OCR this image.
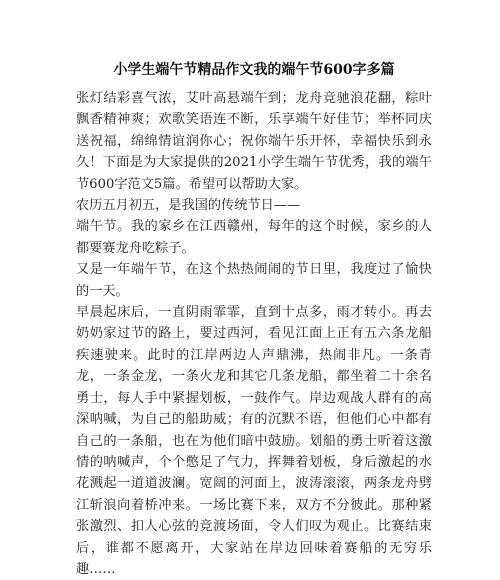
小学生端午节精品作文我的端午节600字多篇

张灯结彩喜气浓，艾叶高悬端午到；龙舟竞驰浪花翻，粽叶飘香精神爽；欢歌笑语连不断，乐享端午好佳节；举杯同庆送祝福，绵绵情谊润你心；祝你端午乐开怀，幸福快乐到永久！下面是为大家提供的2021小学生端午节优秀，我的端午节600字范文5篇。希望可以帮助大家。

农历五月初五，是我国的传统节日——

端午节。我的家乡在江西赣州，每年的这个时候，家乡的人都要赛龙舟吃粽子。

又是一年端午节，在这个热热闹闹的节日里，我度过了愉快的一天。

早晨起床后，一直阴雨霏霏，直到十点多，雨才转小。再去奶奶家过节的路上，要过西河，看见江面上正有五六条龙船疾速驶来。此时的江岸两边人声鼎沸，热闹非凡。一条青龙，一条金龙，一条火龙和其它几条龙船，都坐着二十余名勇士，每人手中紧握划板，一鼓作气。岸边观战人群有的高深呐喊，为自己的船助威；有的沉默不语，但他们心中都有自己的一条船，也在为他们暗中鼓励。划船的勇士听着这激情的呐喊声，个个憋足了气力，挥舞着划板，身后激起的水花溅起一道道波澜。宽阔的河面上，波涛滚滚，两条龙舟劈江斩浪向着桥冲来。一场比赛下来，双方不分彼此。那种紧张激烈、扣人心弦的竞渡场面，令人们叹为观止。比赛结束后，谁都不愿离开，大家站在岸边回味着赛船的无穷乐趣……
